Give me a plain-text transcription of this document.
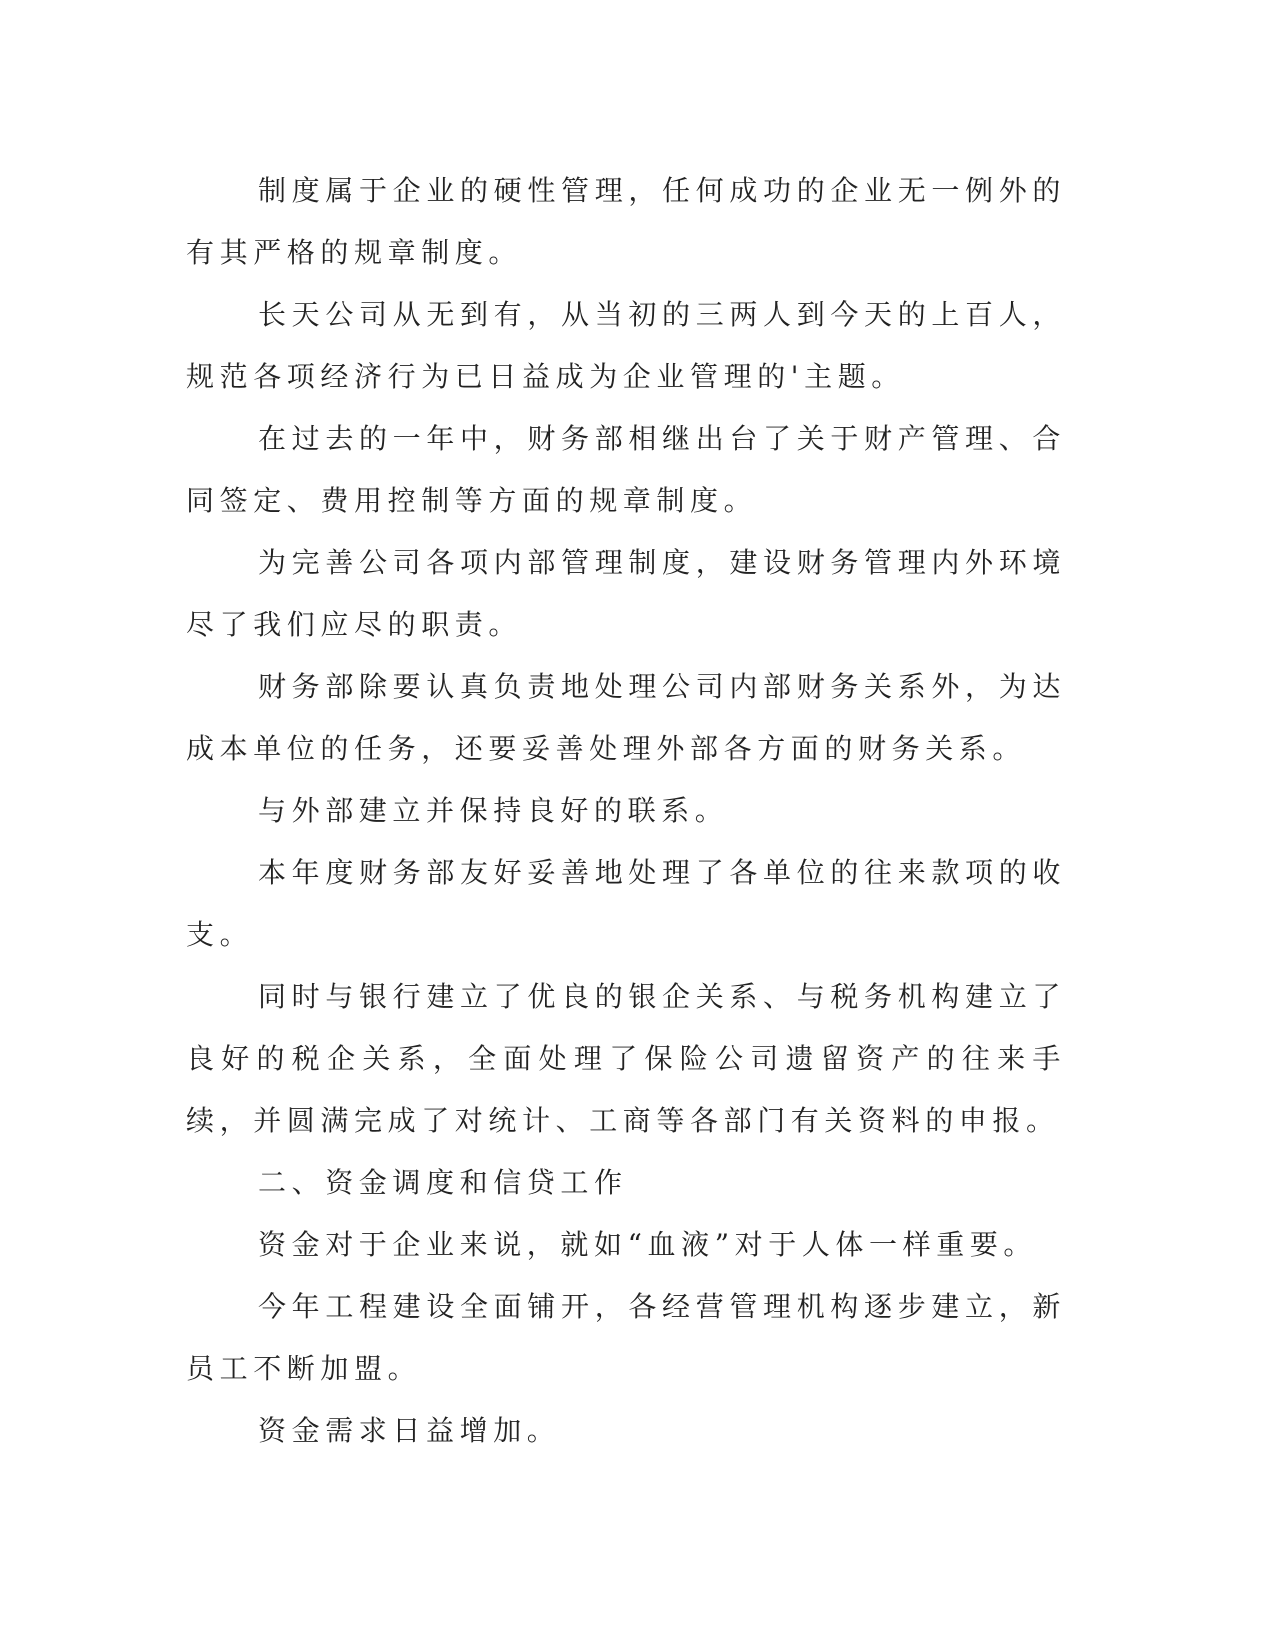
制度属于企业的硬性管理，任何成功的企业无一例外的有其严格的规章制度。

长天公司从无到有，从当初的三两人到今天的上百人，规范各项经济行为已日益成为企业管理的'主题。

在过去的一年中，财务部相继出台了关于财产管理、合同签定、费用控制等方面的规章制度。

为完善公司各项内部管理制度，建设财务管理内外环境尽了我们应尽的职责。

财务部除要认真负责地处理公司内部财务关系外，为达成本单位的任务，还要妥善处理外部各方面的财务关系。

与外部建立并保持良好的联系。

本年度财务部友好妥善地处理了各单位的往来款项的收支。

同时与银行建立了优良的银企关系、与税务机构建立了良好的税企关系，全面处理了保险公司遗留资产的往来手续，并圆满完成了对统计、工商等各部门有关资料的申报。

二、资金调度和信贷工作

资金对于企业来说，就如“血液”对于人体一样重要。

今年工程建设全面铺开，各经营管理机构逐步建立，新员工不断加盟。

资金需求日益增加。
